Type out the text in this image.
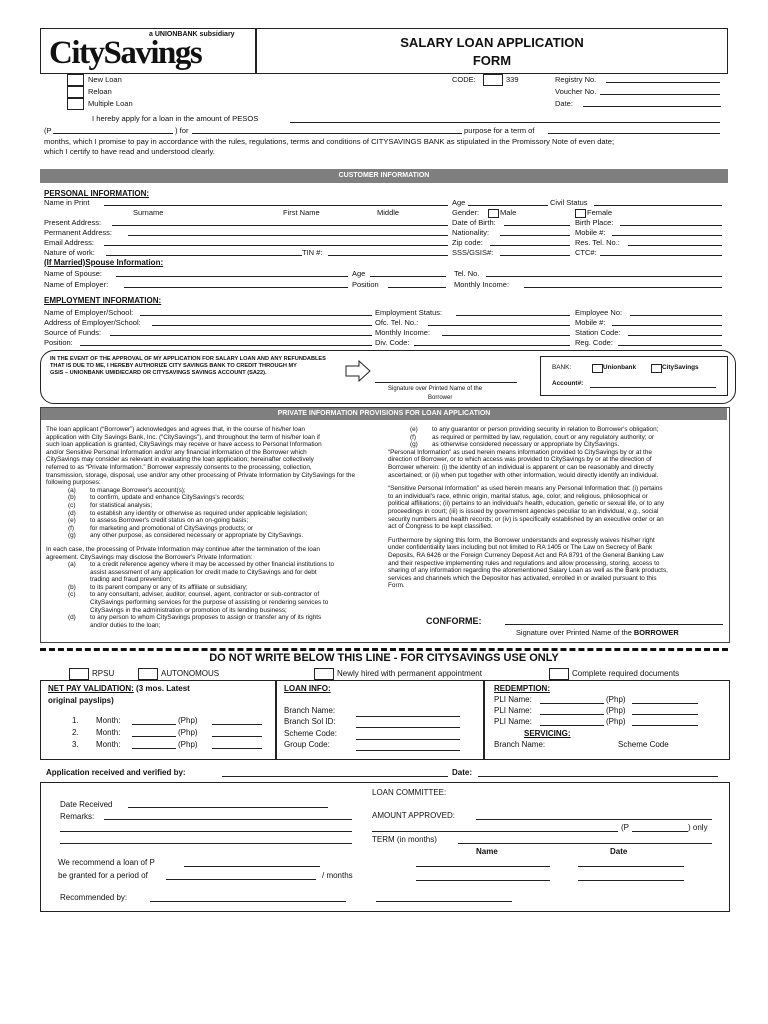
a UNIONBANK subsidiary
CitySavings	SALARY LOAN APPLICATION
FORM
New Loan
Reloan
Multiple Loan
CODE:	339	Registry No.
Voucher No.
Date:
I hereby apply for a loan in the amount of PESOS
(P	) for	purpose for a term of
months, which I promise to pay in accordance with the rules, regulations, terms and conditions of CITYSAVINGS BANK as stipulated in the Promissory Note of even date;
which I certify to have read and understood clearly.
CUSTOMER INFORMATION
PERSONAL INFORMATION:
Name in Print	Age	Civil Status
Surname	First Name	Middle	Gender:	Male	Female
Present Address:	Date of Birth:	Birth Place:
Permanent Address:	Nationality:	Mobile #:
Email Address:	Zip code:	Res. Tel. No.:
Nature of work:	TIN #:	SSS/GSIS#:	CTC#:
(If Married)Spouse Information:
Name of Spouse:	Age	Tel. No.
Name of Employer:	Position	Monthly Income:
EMPLOYMENT INFORMATION:
Name of Employer/School:	Employment Status:	Employee No:
Address of Employer/School:	Ofc. Tel. No.:	Mobile #:
Source of Funds:	Monthly Income:	Station Code:
Position:	Div. Code:	Reg. Code:
IN THE EVENT OF THE APPROVAL OF MY APPLICATION FOR SALARY LOAN AND ANY REFUNDABLES
THAT IS DUE TO ME, I HEREBY AUTHORIZE CITY SAVINGS BANK TO CREDIT THROUGH MY
GSIS – UNIONBANK UMID/ECARD OR CITYSAVINGS SAVINGS ACCOUNT (SA22).
Signature over Printed Name of the
Borrower
BANK:	Unionbank	CitySavings
Account#:
PRIVATE INFORMATION PROVISIONS FOR LOAN APPLICATION
The loan applicant (“Borrower”) acknowledges and agrees that, in the course of his/her loan
application with City Savings Bank, Inc. (“CitySavings”), and throughout the term of his/her loan if
such loan application is granted, CitySavings may receive or have access to Personal Information
and/or Sensitive Personal Information and/or any financial information of the Borrower which
CitySavings may consider as relevant in evaluating the loan application; hereinafter collectively
referred to as “Private Information.” Borrower expressly consents to the processing, collection,
transmission, storage, disposal, use and/or any other processing of Private Information by CitySavings for the
following purposes:
(a) to manage Borrower's account(s);
(b) to confirm, update and enhance CitySavings's records;
(c) for statistical analysis;
(d) to establish any identity or otherwise as required under applicable legislation;
(e) to assess Borrower's credit status on an on-going basis;
(f) for marketing and promotional of CitySavings products; or
(g) any other purpose, as considered necessary or appropriate by CitySavings.
In each case, the processing of Private Information may continue after the termination of the loan
agreement. CitySavings may disclose the Borrower's Private Information:
(a) to a credit reference agency where it may be accessed by other financial institutions to
assist assessment of any application for credit made to CitySavings and for debt
trading and fraud prevention;
(b) to its parent company or any of its affiliate or subsidiary;
(c) to any consultant, adviser, auditor, counsel, agent, contractor or sub-contractor of
CitySavings performing services for the purpose of assisting or rendering services to
CitySavings in the administration or promotion of its lending business;
(d) to any person to whom CitySavings proposes to assign or transfer any of its rights
and/or duties to the loan;
(e) to any guarantor or person providing security in relation to Borrower's obligation;
(f) as required or permitted by law, regulation, court or any regulatory authority; or
(g) as otherwise considered necessary or appropriate by CitySavings.
“Personal Information” as used herein means information provided to CitySavings by or at the
direction of Borrower, or to which access was provided to CitySavings by or at the direction of
Borrower wherein: (i) the identity of an individual is apparent or can be reasonably and directly
ascertained; or (ii) when put together with other information, would directly identify an individual.
“Sensitive Personal Information” as used herein means any Personal Information that: (i) pertains
to an individual's race, ethnic origin, marital status, age, color, and religious, philosophical or
political affiliations; (ii) pertains to an individual's health, education, genetic or sexual life, or to any
proceedings in court; (iii) is issued by government agencies peculiar to an individual, e.g., social
security numbers and health records; or (iv) is specifically established by an executive order or an
act of Congress to be kept classified.
Furthermore by signing this form, the Borrower understands and expressly waives his/her right
under confidentiality laws including but not limited to RA 1405 or The Law on Secrecy of Bank
Deposits, RA 6426 or the Foreign Currency Deposit Act and RA 8791 of the General Banking Law
and their respective implementing rules and regulations and allow processing, storing, access to
sharing of any information regarding the aforementioned Salary Loan as well as the Bank products,
services and channels which the Depositor has activated, enrolled in or availed pursuant to this
Form.
CONFORME:
Signature over Printed Name of the BORROWER
DO NOT WRITE BELOW THIS LINE - FOR CITYSAVINGS USE ONLY
RPSU	AUTONOMOUS	Newly hired with permanent appointment	Complete required documents
NET PAY VALIDATION: (3 mos. Latest
original payslips)
1. Month:	(Php)
2. Month:	(Php)
3. Month:	(Php)
LOAN INFO:
Branch Name:
Branch Sol ID:
Scheme Code:
Group Code:
REDEMPTION:
PLI Name:	(Php)
PLI Name:	(Php)
PLI Name:	(Php)
SERVICING:
Branch Name:	Scheme Code
Application received and verified by:	Date:
LOAN COMMITTEE:
Date Received
Remarks:	AMOUNT APPROVED:
(P	) only
TERM (in months)
Name	Date
We recommend a loan of P
be granted for a period of	/ months
Recommended by:
